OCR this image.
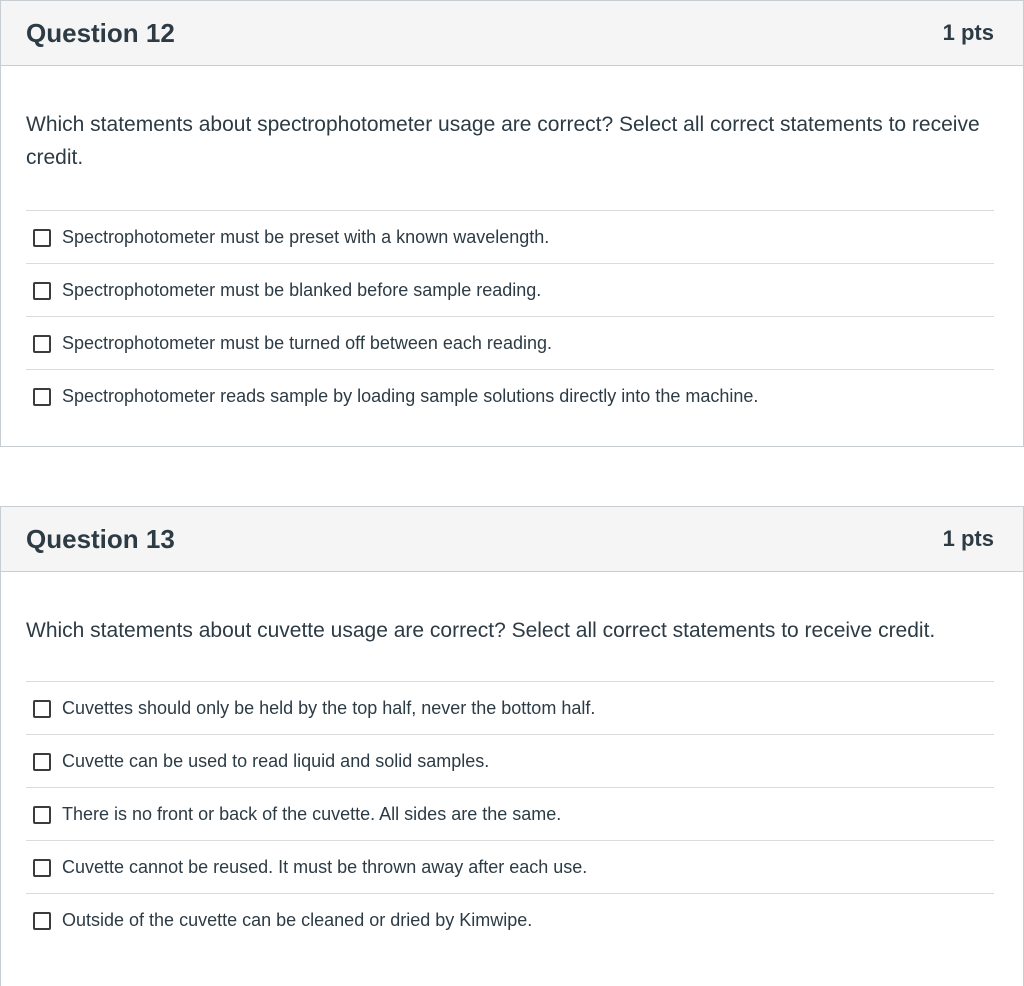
Question 12	1 pts
Which statements about spectrophotometer usage are correct? Select all correct statements to receive credit.
Spectrophotometer must be preset with a known wavelength.
Spectrophotometer must be blanked before sample reading.
Spectrophotometer must be turned off between each reading.
Spectrophotometer reads sample by loading sample solutions directly into the machine.
Question 13	1 pts
Which statements about cuvette usage are correct? Select all correct statements to receive credit.
Cuvettes should only be held by the top half, never the bottom half.
Cuvette can be used to read liquid and solid samples.
There is no front or back of the cuvette. All sides are the same.
Cuvette cannot be reused. It must be thrown away after each use.
Outside of the cuvette can be cleaned or dried by Kimwipe.
